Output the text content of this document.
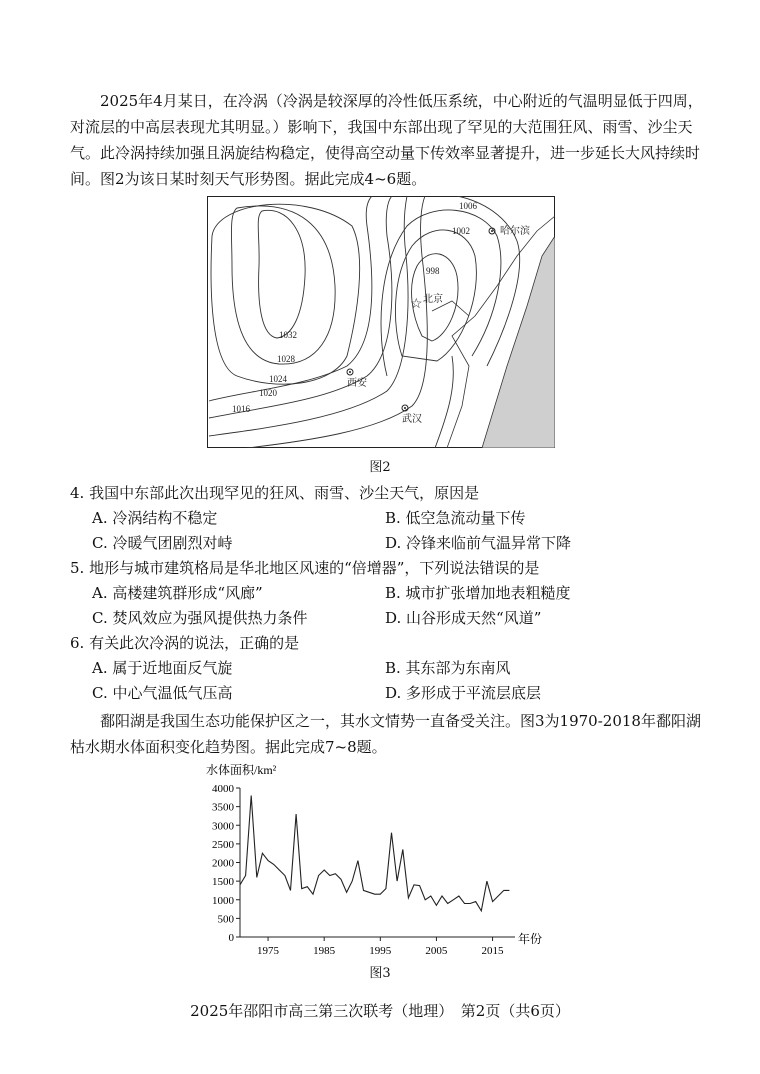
2025年4月某日，在冷涡（冷涡是较深厚的冷性低压系统，中心附近的气温明显低于四周，对流层的中高层表现尤其明显。）影响下，我国中东部出现了罕见的大范围狂风、雨雪、沙尘天气。此冷涡持续加强且涡旋结构稳定，使得高空动量下传效率显著提升，进一步延长大风持续时间。图2为该日某时刻天气形势图。据此完成4~6题。
1006
1002
998
1032
1028
1024
1020
1016
哈尔滨
☆ 北京
西安
武汉
图2
4. 我国中东部此次出现罕见的狂风、雨雪、沙尘天气，原因是
A. 冷涡结构不稳定	B. 低空急流动量下传
C. 冷暖气团剧烈对峙	D. 冷锋来临前气温异常下降
5. 地形与城市建筑格局是华北地区风速的“倍增器”，下列说法错误的是
A. 高楼建筑群形成“风廊”	B. 城市扩张增加地表粗糙度
C. 焚风效应为强风提供热力条件	D. 山谷形成天然“风道”
6. 有关此次冷涡的说法，正确的是
A. 属于近地面反气旋	B. 其东部为东南风
C. 中心气温低气压高	D. 多形成于平流层底层
鄱阳湖是我国生态功能保护区之一，其水文情势一直备受关注。图3为1970-2018年鄱阳湖枯水期水体面积变化趋势图。据此完成7~8题。
水体面积/km²
年份
0
500
1000
1500
2000
2500
3000
3500
4000
1975	1985	1995	2005	2015
图3
2025年邵阳市高三第三次联考（地理）　第2页（共6页）
